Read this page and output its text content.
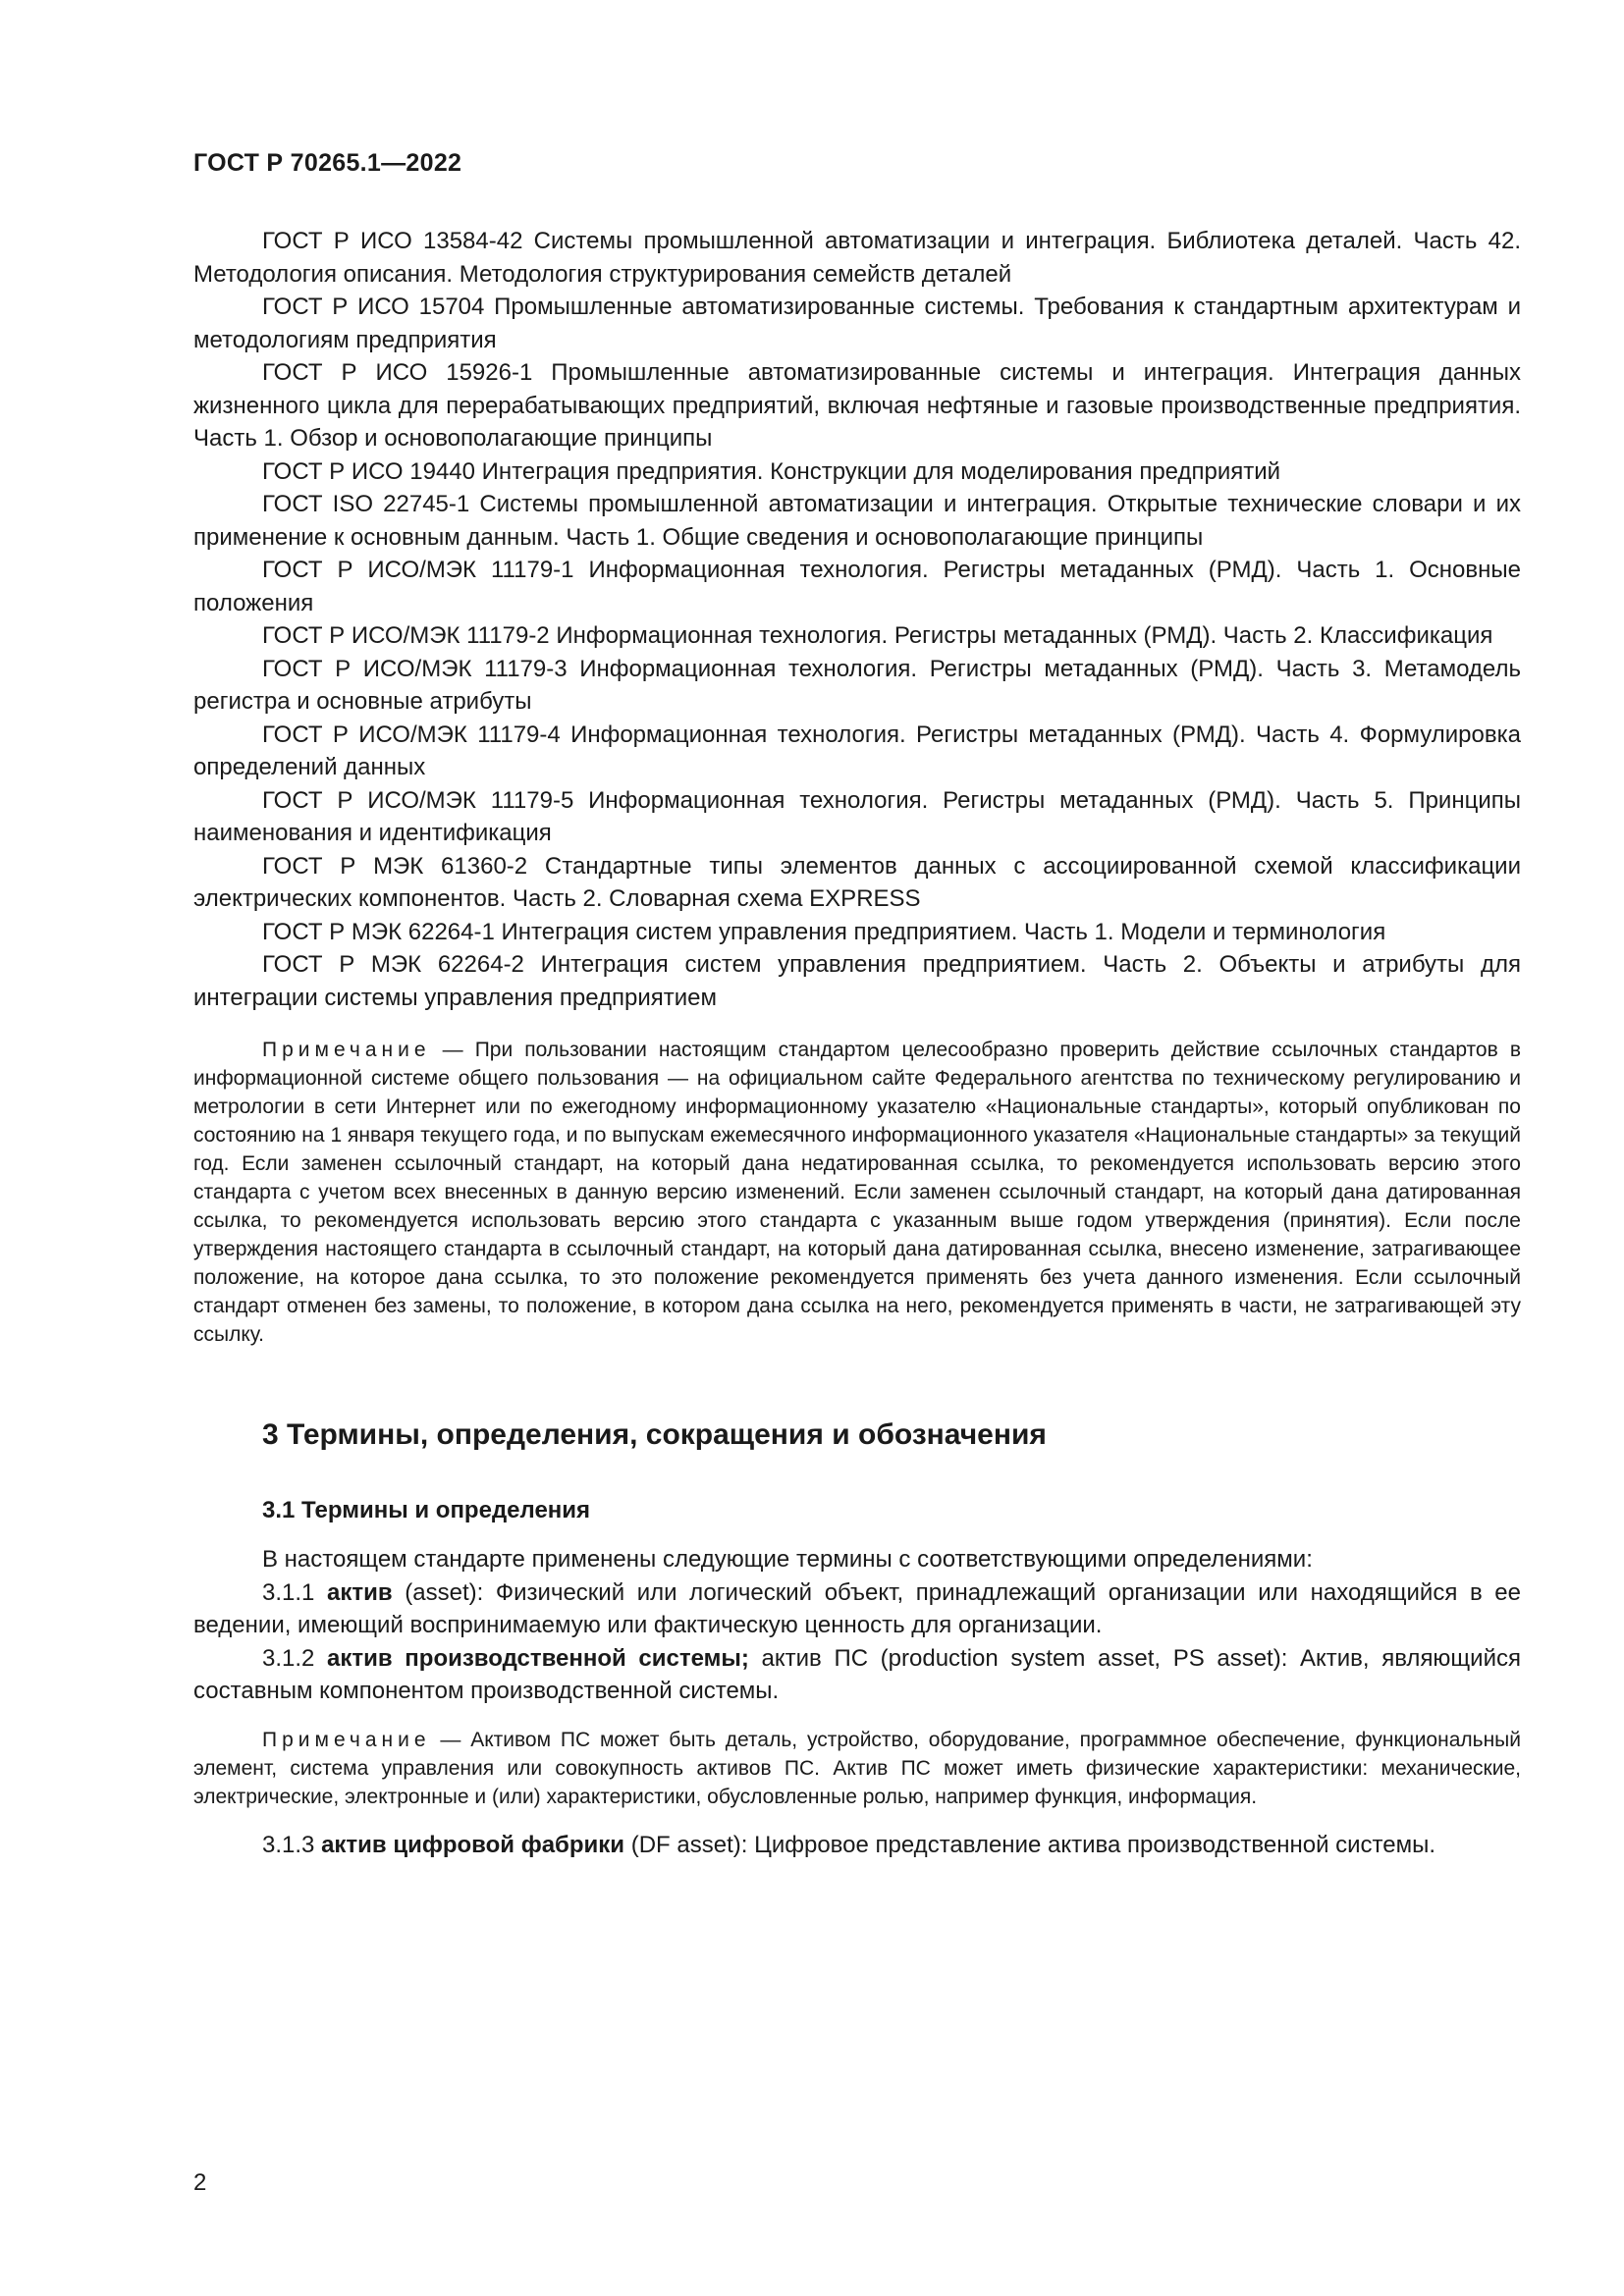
ГОСТ Р 70265.1—2022

ГОСТ Р ИСО 13584-42 Системы промышленной автоматизации и интеграция. Библиотека деталей. Часть 42. Методология описания. Методология структурирования семейств деталей

ГОСТ Р ИСО 15704 Промышленные автоматизированные системы. Требования к стандартным архитектурам и методологиям предприятия

ГОСТ Р ИСО 15926-1 Промышленные автоматизированные системы и интеграция. Интеграция данных жизненного цикла для перерабатывающих предприятий, включая нефтяные и газовые производственные предприятия. Часть 1. Обзор и основополагающие принципы

ГОСТ Р ИСО 19440 Интеграция предприятия. Конструкции для моделирования предприятий

ГОСТ ISO 22745-1 Системы промышленной автоматизации и интеграция. Открытые технические словари и их применение к основным данным. Часть 1. Общие сведения и основополагающие принципы

ГОСТ Р ИСО/МЭК 11179-1 Информационная технология. Регистры метаданных (РМД). Часть 1. Основные положения

ГОСТ Р ИСО/МЭК 11179-2 Информационная технология. Регистры метаданных (РМД). Часть 2. Классификация

ГОСТ Р ИСО/МЭК 11179-3 Информационная технология. Регистры метаданных (РМД). Часть 3. Метамодель регистра и основные атрибуты

ГОСТ Р ИСО/МЭК 11179-4 Информационная технология. Регистры метаданных (РМД). Часть 4. Формулировка определений данных

ГОСТ Р ИСО/МЭК 11179-5 Информационная технология. Регистры метаданных (РМД). Часть 5. Принципы наименования и идентификация

ГОСТ Р МЭК 61360-2 Стандартные типы элементов данных с ассоциированной схемой классификации электрических компонентов. Часть 2. Словарная схема EXPRESS

ГОСТ Р МЭК 62264-1 Интеграция систем управления предприятием. Часть 1. Модели и терминология

ГОСТ Р МЭК 62264-2 Интеграция систем управления предприятием. Часть 2. Объекты и атрибуты для интеграции системы управления предприятием

Примечание — При пользовании настоящим стандартом целесообразно проверить действие ссылочных стандартов в информационной системе общего пользования — на официальном сайте Федерального агентства по техническому регулированию и метрологии в сети Интернет или по ежегодному информационному указателю «Национальные стандарты», который опубликован по состоянию на 1 января текущего года, и по выпускам ежемесячного информационного указателя «Национальные стандарты» за текущий год. Если заменен ссылочный стандарт, на который дана недатированная ссылка, то рекомендуется использовать версию этого стандарта с учетом всех внесенных в данную версию изменений. Если заменен ссылочный стандарт, на который дана датированная ссылка, то рекомендуется использовать версию этого стандарта с указанным выше годом утверждения (принятия). Если после утверждения настоящего стандарта в ссылочный стандарт, на который дана датированная ссылка, внесено изменение, затрагивающее положение, на которое дана ссылка, то это положение рекомендуется применять без учета данного изменения. Если ссылочный стандарт отменен без замены, то положение, в котором дана ссылка на него, рекомендуется применять в части, не затрагивающей эту ссылку.

3 Термины, определения, сокращения и обозначения
3.1 Термины и определения

В настоящем стандарте применены следующие термины с соответствующими определениями:

3.1.1 актив (asset): Физический или логический объект, принадлежащий организации или находящийся в ее ведении, имеющий воспринимаемую или фактическую ценность для организации.

3.1.2 актив производственной системы; актив ПС (production system asset, PS asset): Актив, являющийся составным компонентом производственной системы.

Примечание — Активом ПС может быть деталь, устройство, оборудование, программное обеспечение, функциональный элемент, система управления или совокупность активов ПС. Актив ПС может иметь физические характеристики: механические, электрические, электронные и (или) характеристики, обусловленные ролью, например функция, информация.

3.1.3 актив цифровой фабрики (DF asset): Цифровое представление актива производственной системы.

2
